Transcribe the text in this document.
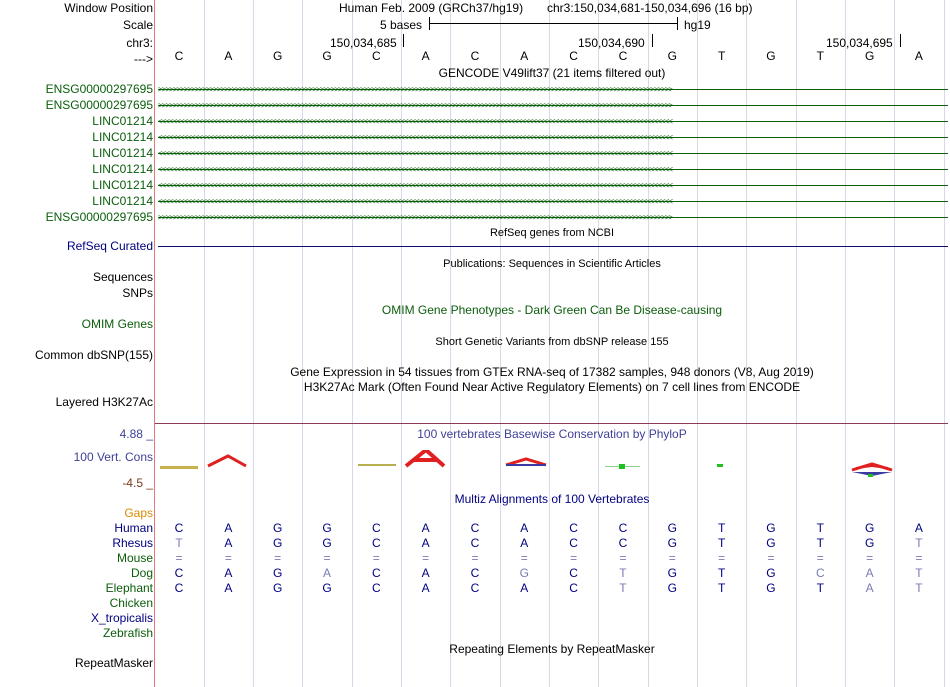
Window Position
Scale
chr3:
--->
Human Feb. 2009 (GRCh37/hg19) chr3:150,034,681-150,034,696 (16 bp)
5 bases	hg19
150,034,685	150,034,690	150,034,695
C	A	G	G	C	A	C	A	C	C	G	T	G	T	G	A
GENCODE V49lift37 (21 items filtered out)
ENSG00000297695 >>>>>>>>>>>>>>>>>>>>>>>>>>>>>>>>>>>>>>>>>>>>>>>>>>>>>>>>>>>>>>>>>>>>>>>>>>>>>>>>>>>>>>>>>>>>>>>>>>>>>>>>>>>>>>>>>>>>>>>>>>>>>>>>>>>>>>>>>>>>
ENSG00000297695 >>>>>>>>>>>>>>>>>>>>>>>>>>>>>>>>>>>>>>>>>>>>>>>>>>>>>>>>>>>>>>>>>>>>>>>>>>>>>>>>>>>>>>>>>>>>>>>>>>>>>>>>>>>>>>>>>>>>>>>>>>>>>>>>>>>>>>>>>>>>
LINC01214 <<<<<<<<<<<<<<<<<<<<<<<<<<<<<<<<<<<<<<<<<<<<<<<<<<<<<<<<<<<<<<<<<<<<<<<<<<<<<<<<<<<<<<<<<<<<<<<<<<<<<<<<<<<<<<<<<<<<<<<<<<<<<<<<<<<<<<<<<<<<
LINC01214 <<<<<<<<<<<<<<<<<<<<<<<<<<<<<<<<<<<<<<<<<<<<<<<<<<<<<<<<<<<<<<<<<<<<<<<<<<<<<<<<<<<<<<<<<<<<<<<<<<<<<<<<<<<<<<<<<<<<<<<<<<<<<<<<<<<<<<<<<<<<
LINC01214 <<<<<<<<<<<<<<<<<<<<<<<<<<<<<<<<<<<<<<<<<<<<<<<<<<<<<<<<<<<<<<<<<<<<<<<<<<<<<<<<<<<<<<<<<<<<<<<<<<<<<<<<<<<<<<<<<<<<<<<<<<<<<<<<<<<<<<<<<<<<
LINC01214 <<<<<<<<<<<<<<<<<<<<<<<<<<<<<<<<<<<<<<<<<<<<<<<<<<<<<<<<<<<<<<<<<<<<<<<<<<<<<<<<<<<<<<<<<<<<<<<<<<<<<<<<<<<<<<<<<<<<<<<<<<<<<<<<<<<<<<<<<<<<
LINC01214 <<<<<<<<<<<<<<<<<<<<<<<<<<<<<<<<<<<<<<<<<<<<<<<<<<<<<<<<<<<<<<<<<<<<<<<<<<<<<<<<<<<<<<<<<<<<<<<<<<<<<<<<<<<<<<<<<<<<<<<<<<<<<<<<<<<<<<<<<<<<
LINC01214 <<<<<<<<<<<<<<<<<<<<<<<<<<<<<<<<<<<<<<<<<<<<<<<<<<<<<<<<<<<<<<<<<<<<<<<<<<<<<<<<<<<<<<<<<<<<<<<<<<<<<<<<<<<<<<<<<<<<<<<<<<<<<<<<<<<<<<<<<<<<
ENSG00000297695 >>>>>>>>>>>>>>>>>>>>>>>>>>>>>>>>>>>>>>>>>>>>>>>>>>>>>>>>>>>>>>>>>>>>>>>>>>>>>>>>>>>>>>>>>>>>>>>>>>>>>>>>>>>>>>>>>>>>>>>>>>>>>>>>>>>>>>>>>>>>
RefSeq genes from NCBI
RefSeq Curated
Publications: Sequences in Scientific Articles
Sequences
SNPs
OMIM Gene Phenotypes - Dark Green Can Be Disease-causing
OMIM Genes
Short Genetic Variants from dbSNP release 155
Common dbSNP(155)
Gene Expression in 54 tissues from GTEx RNA-seq of 17382 samples, 948 donors (V8, Aug 2019)
H3K27Ac Mark (Often Found Near Active Regulatory Elements) on 7 cell lines from ENCODE
Layered H3K27Ac
4.88 _	100 vertebrates Basewise Conservation by PhyloP
100 Vert. Cons
-4.5 _
Multiz Alignments of 100 Vertebrates
Gaps
Human C	A	G	G	C	A	C	A	C	C	G	T	G	T	G	A
Rhesus T	A	G	G	C	A	C	A	C	C	G	T	G	T	G	T
Mouse =	=	=	=	=	=	=	=	=	=	=	=	=	=	=	=
Dog C	A	G	A	C	A	C	G	C	T	G	T	G	C	A	T
Elephant C	A	G	G	C	A	C	A	C	T	G	T	G	T	A	T
Chicken
X_tropicalis
Zebrafish
Repeating Elements by RepeatMasker
RepeatMasker
